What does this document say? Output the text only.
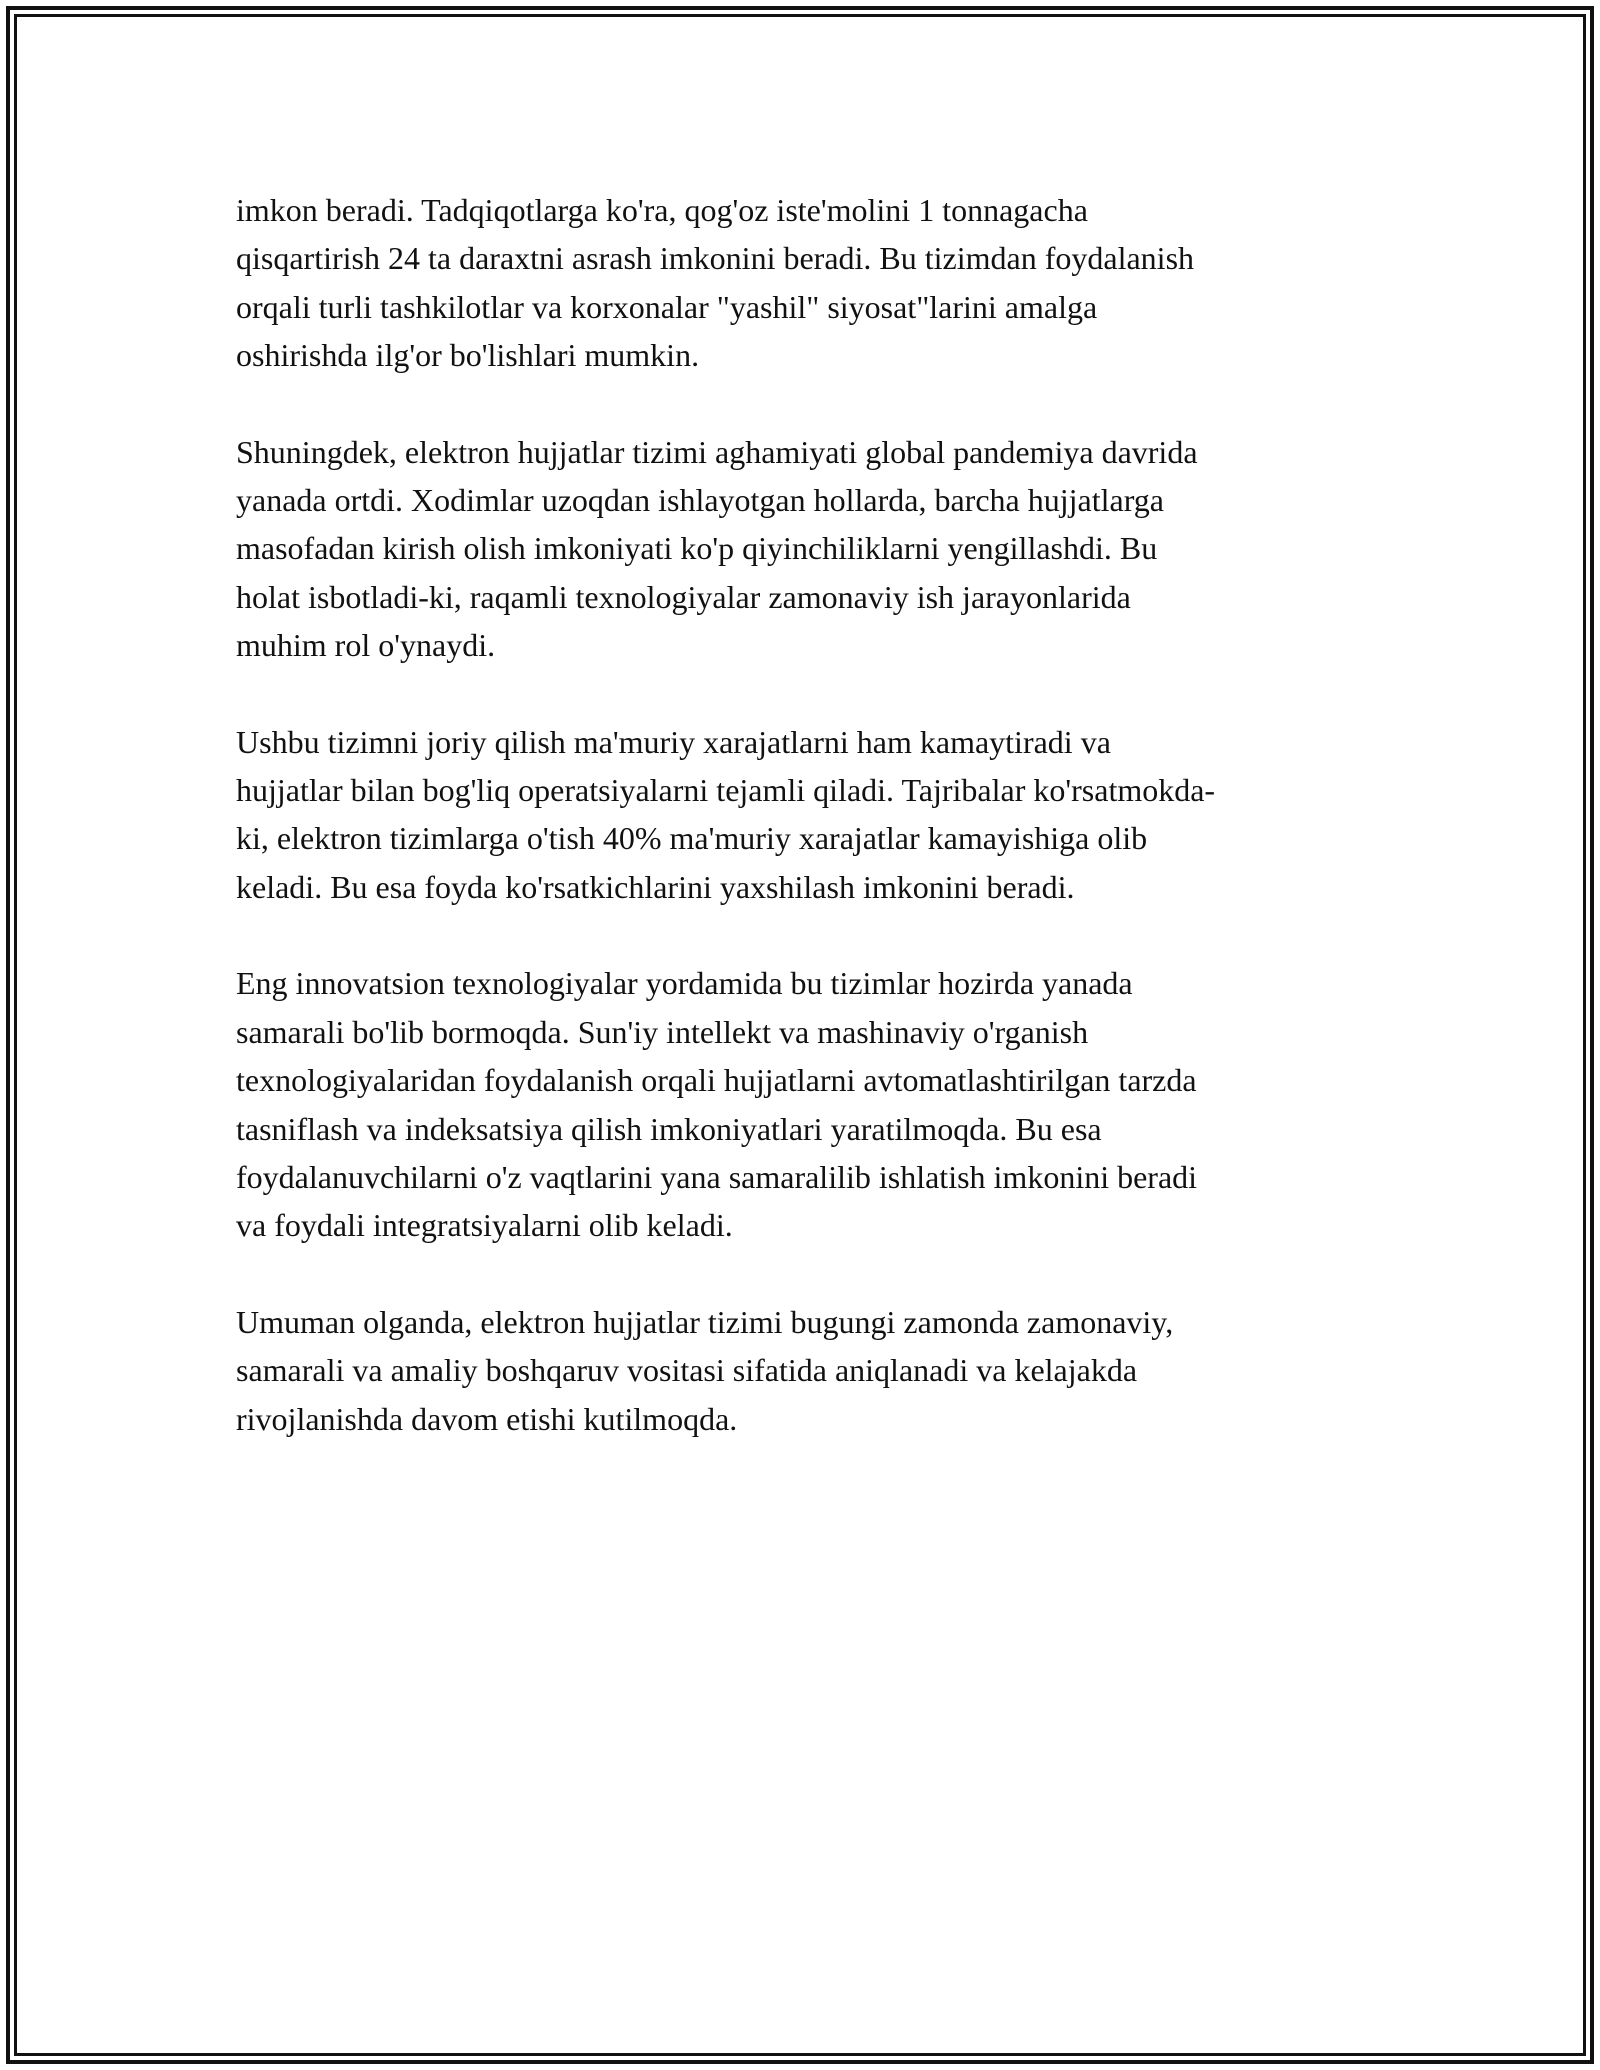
imkon beradi. Tadqiqotlarga ko'ra, qog'oz iste'molini 1 tonnagacha
qisqartirish 24 ta daraxtni asrash imkonini beradi. Bu tizimdan foydalanish
orqali turli tashkilotlar va korxonalar "yashil" siyosat"larini amalga
oshirishda ilg'or bo'lishlari mumkin.

Shuningdek, elektron hujjatlar tizimi aghamiyati global pandemiya davrida
yanada ortdi. Xodimlar uzoqdan ishlayotgan hollarda, barcha hujjatlarga
masofadan kirish olish imkoniyati ko'p qiyinchiliklarni yengillashdi. Bu
holat isbotladi-ki, raqamli texnologiyalar zamonaviy ish jarayonlarida
muhim rol o'ynaydi.

Ushbu tizimni joriy qilish ma'muriy xarajatlarni ham kamaytiradi va
hujjatlar bilan bog'liq operatsiyalarni tejamli qiladi. Tajribalar ko'rsatmokda-
ki, elektron tizimlarga o'tish 40% ma'muriy xarajatlar kamayishiga olib
keladi. Bu esa foyda ko'rsatkichlarini yaxshilash imkonini beradi.

Eng innovatsion texnologiyalar yordamida bu tizimlar hozirda yanada
samarali bo'lib bormoqda. Sun'iy intellekt va mashinaviy o'rganish
texnologiyalaridan foydalanish orqali hujjatlarni avtomatlashtirilgan tarzda
tasniflash va indeksatsiya qilish imkoniyatlari yaratilmoqda. Bu esa
foydalanuvchilarni o'z vaqtlarini yana samaralilib ishlatish imkonini beradi
va foydali integratsiyalarni olib keladi.

Umuman olganda, elektron hujjatlar tizimi bugungi zamonda zamonaviy,
samarali va amaliy boshqaruv vositasi sifatida aniqlanadi va kelajakda
rivojlanishda davom etishi kutilmoqda.
